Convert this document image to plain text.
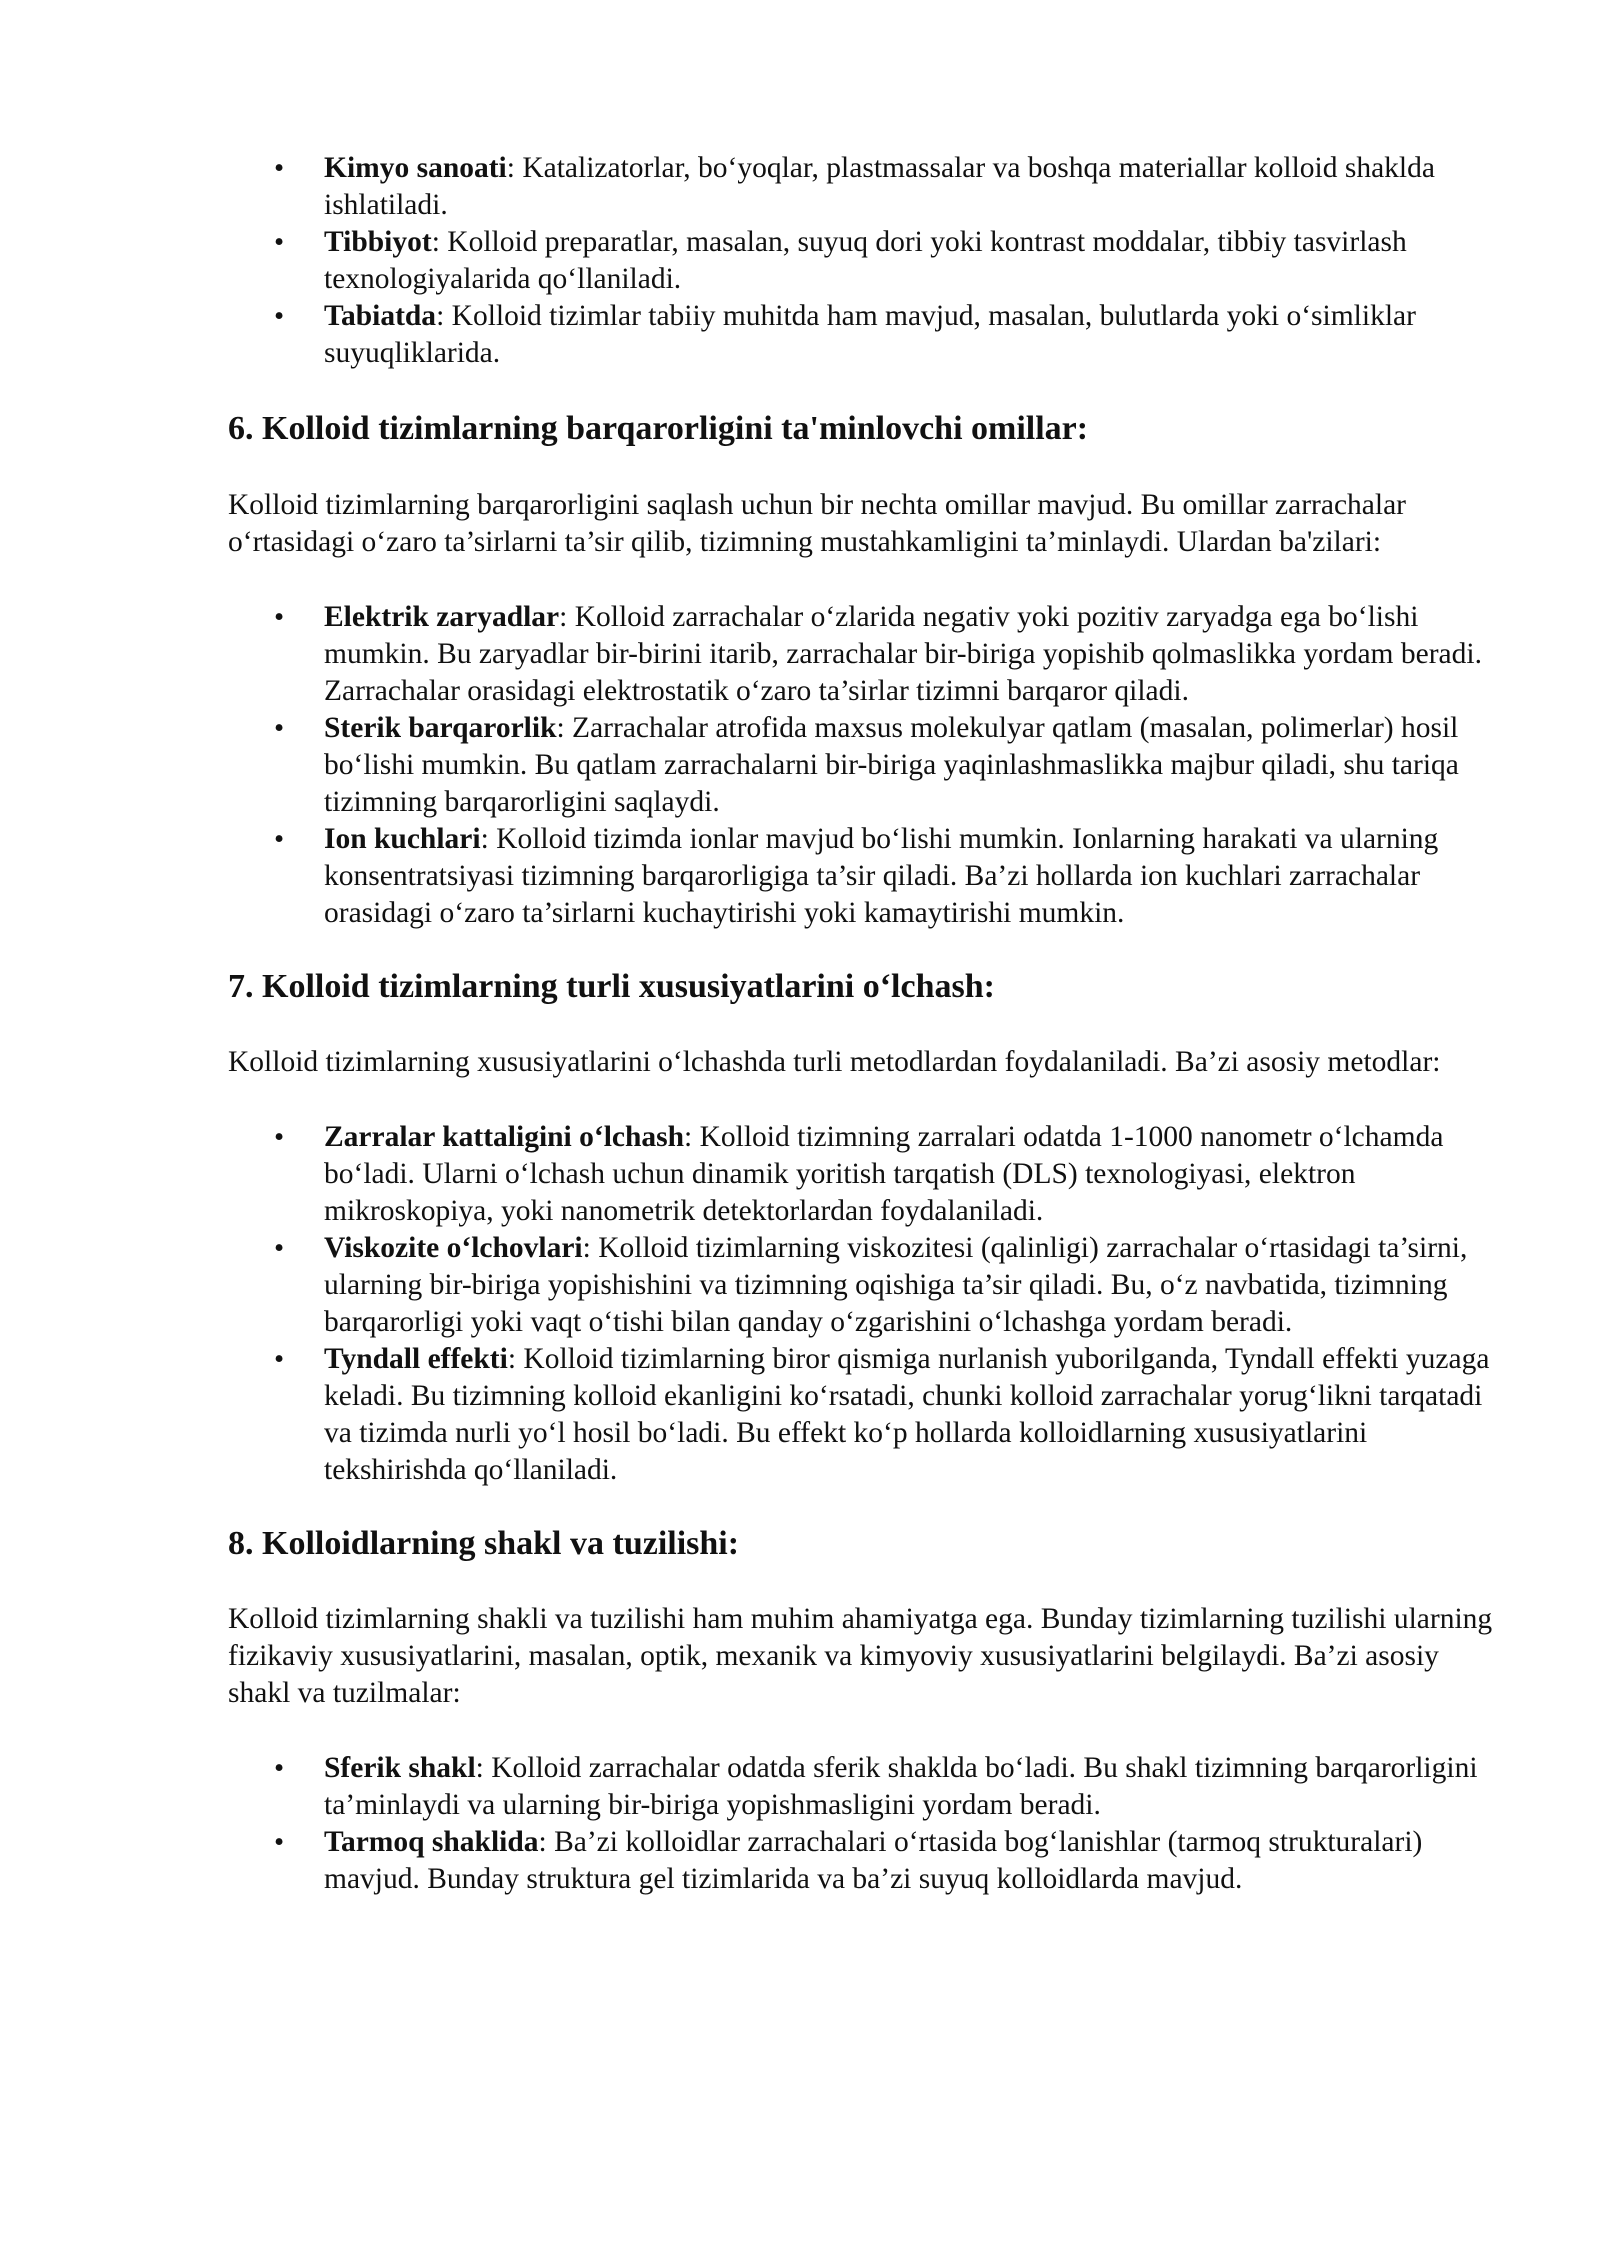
• Kimyo sanoati: Katalizatorlar, bo‘yoqlar, plastmassalar va boshqa materiallar kolloid shaklda ishlatiladi.
• Tibbiyot: Kolloid preparatlar, masalan, suyuq dori yoki kontrast moddalar, tibbiy tasvirlash texnologiyalarida qo‘llaniladi.
• Tabiatda: Kolloid tizimlar tabiiy muhitda ham mavjud, masalan, bulutlarda yoki o‘simliklar suyuqliklarida.
6. Kolloid tizimlarning barqarorligini ta'minlovchi omillar:

Kolloid tizimlarning barqarorligini saqlash uchun bir nechta omillar mavjud. Bu omillar zarrachalar o‘rtasidagi o‘zaro ta’sirlarni ta’sir qilib, tizimning mustahkamligini ta’minlaydi. Ulardan ba'zilari:

• Elektrik zaryadlar: Kolloid zarrachalar o‘zlarida negativ yoki pozitiv zaryadga ega bo‘lishi mumkin. Bu zaryadlar bir-birini itarib, zarrachalar bir-biriga yopishib qolmaslikka yordam beradi. Zarrachalar orasidagi elektrostatik o‘zaro ta’sirlar tizimni barqaror qiladi.
• Sterik barqarorlik: Zarrachalar atrofida maxsus molekulyar qatlam (masalan, polimerlar) hosil bo‘lishi mumkin. Bu qatlam zarrachalarni bir-biriga yaqinlashmaslikka majbur qiladi, shu tariqa tizimning barqarorligini saqlaydi.
• Ion kuchlari: Kolloid tizimda ionlar mavjud bo‘lishi mumkin. Ionlarning harakati va ularning konsentratsiyasi tizimning barqarorligiga ta’sir qiladi. Ba’zi hollarda ion kuchlari zarrachalar orasidagi o‘zaro ta’sirlarni kuchaytirishi yoki kamaytirishi mumkin.
7. Kolloid tizimlarning turli xususiyatlarini o‘lchash:

Kolloid tizimlarning xususiyatlarini o‘lchashda turli metodlardan foydalaniladi. Ba’zi asosiy metodlar:

• Zarralar kattaligini o‘lchash: Kolloid tizimning zarralari odatda 1-1000 nanometr o‘lchamda bo‘ladi. Ularni o‘lchash uchun dinamik yoritish tarqatish (DLS) texnologiyasi, elektron mikroskopiya, yoki nanometrik detektorlardan foydalaniladi.
• Viskozite o‘lchovlari: Kolloid tizimlarning viskozitesi (qalinligi) zarrachalar o‘rtasidagi ta’sirni, ularning bir-biriga yopishishini va tizimning oqishiga ta’sir qiladi. Bu, o‘z navbatida, tizimning barqarorligi yoki vaqt o‘tishi bilan qanday o‘zgarishini o‘lchashga yordam beradi.
• Tyndall effekti: Kolloid tizimlarning biror qismiga nurlanish yuborilganda, Tyndall effekti yuzaga keladi. Bu tizimning kolloid ekanligini ko‘rsatadi, chunki kolloid zarrachalar yorug‘likni tarqatadi va tizimda nurli yo‘l hosil bo‘ladi. Bu effekt ko‘p hollarda kolloidlarning xususiyatlarini tekshirishda qo‘llaniladi.
8. Kolloidlarning shakl va tuzilishi:

Kolloid tizimlarning shakli va tuzilishi ham muhim ahamiyatga ega. Bunday tizimlarning tuzilishi ularning fizikaviy xususiyatlarini, masalan, optik, mexanik va kimyoviy xususiyatlarini belgilaydi. Ba’zi asosiy shakl va tuzilmalar:

• Sferik shakl: Kolloid zarrachalar odatda sferik shaklda bo‘ladi. Bu shakl tizimning barqarorligini ta’minlaydi va ularning bir-biriga yopishmasligini yordam beradi.
• Tarmoq shaklida: Ba’zi kolloidlar zarrachalari o‘rtasida bog‘lanishlar (tarmoq strukturalari) mavjud. Bunday struktura gel tizimlarida va ba’zi suyuq kolloidlarda mavjud.
